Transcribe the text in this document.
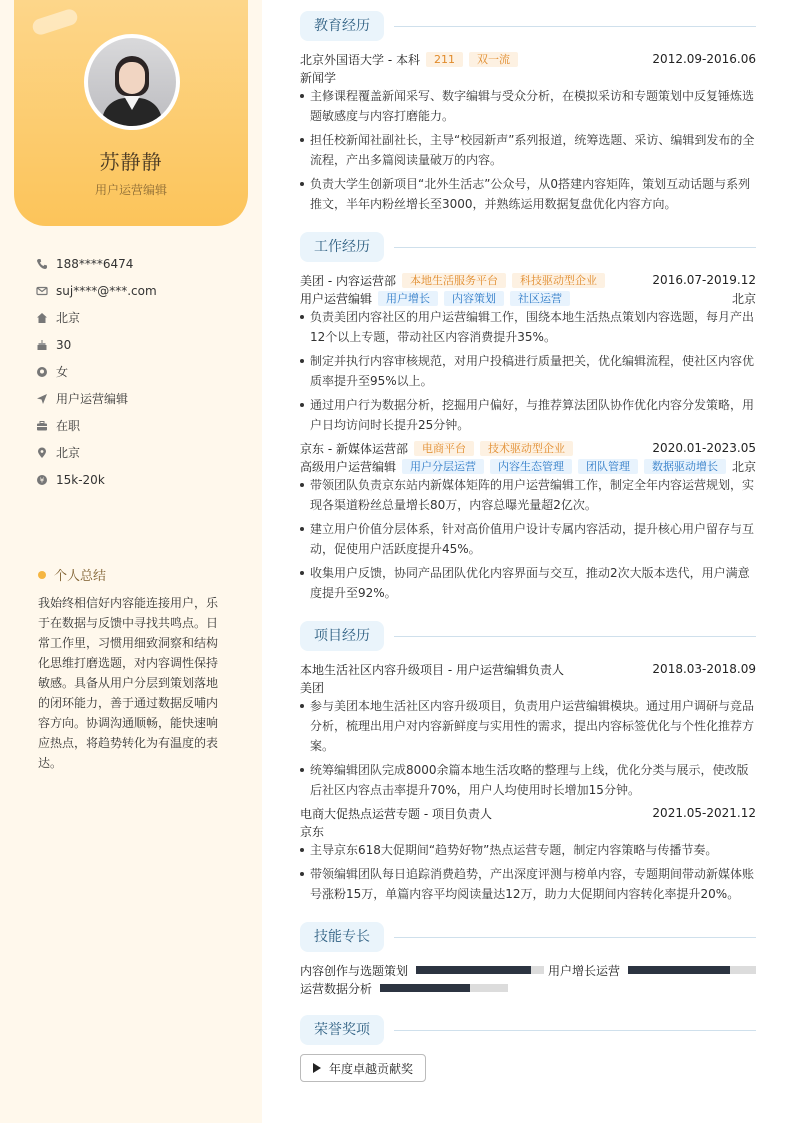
苏静静
用户运营编辑
188****6474
suj****@***.com
北京
30
女
用户运营编辑
在职
北京
¥ 15k-20k
个人总结
我始终相信好内容能连接用户，乐于在数据与反馈中寻找共鸣点。日常工作里，习惯用细致洞察和结构化思维打磨选题，对内容调性保持敏感。具备从用户分层到策划落地的闭环能力，善于通过数据反哺内容方向。协调沟通顺畅，能快速响应热点，将趋势转化为有温度的表达。
教育经历
北京外国语大学 - 本科	211	双一流	2012.09-2016.06
新闻学
主修课程覆盖新闻采写、数字编辑与受众分析，在模拟采访和专题策划中反复锤炼选题敏感度与内容打磨能力。
担任校新闻社副社长，主导“校园新声”系列报道，统筹选题、采访、编辑到发布的全流程，产出多篇阅读量破万的内容。
负责大学生创新项目“北外生活志”公众号，从0搭建内容矩阵，策划互动话题与系列推文，半年内粉丝增长至3000，并熟练运用数据复盘优化内容方向。
工作经历
美团 - 内容运营部	本地生活服务平台	科技驱动型企业	2016.07-2019.12
用户运营编辑	用户增长	内容策划	社区运营	北京
负责美团内容社区的用户运营编辑工作，围绕本地生活热点策划内容选题，每月产出12个以上专题，带动社区内容消费提升35%。
制定并执行内容审核规范，对用户投稿进行质量把关，优化编辑流程，使社区内容优质率提升至95%以上。
通过用户行为数据分析，挖掘用户偏好，与推荐算法团队协作优化内容分发策略，用户日均访问时长提升25分钟。
京东 - 新媒体运营部	电商平台	技术驱动型企业	2020.01-2023.05
高级用户运营编辑	用户分层运营	内容生态管理	团队管理	数据驱动增长	北京
带领团队负责京东站内新媒体矩阵的用户运营编辑工作，制定全年内容运营规划，实现各渠道粉丝总量增长80万，内容总曝光量超2亿次。
建立用户价值分层体系，针对高价值用户设计专属内容活动，提升核心用户留存与互动，促使用户活跃度提升45%。
收集用户反馈，协同产品团队优化内容界面与交互，推动2次大版本迭代，用户满意度提升至92%。
项目经历
本地生活社区内容升级项目 - 用户运营编辑负责人	2018.03-2018.09
美团
参与美团本地生活社区内容升级项目，负责用户运营编辑模块。通过用户调研与竞品分析，梳理出用户对内容新鲜度与实用性的需求，提出内容标签优化与个性化推荐方案。
统筹编辑团队完成8000余篇本地生活攻略的整理与上线，优化分类与展示，使改版后社区内容点击率提升70%，用户人均使用时长增加15分钟。
电商大促热点运营专题 - 项目负责人	2021.05-2021.12
京东
主导京东618大促期间“趋势好物”热点运营专题，制定内容策略与传播节奏。
带领编辑团队每日追踪消费趋势，产出深度评测与榜单内容，专题期间带动新媒体账号涨粉15万，单篇内容平均阅读量达12万，助力大促期间内容转化率提升20%。
技能专长
内容创作与选题策划	用户增长运营
运营数据分析
荣誉奖项
年度卓越贡献奖
